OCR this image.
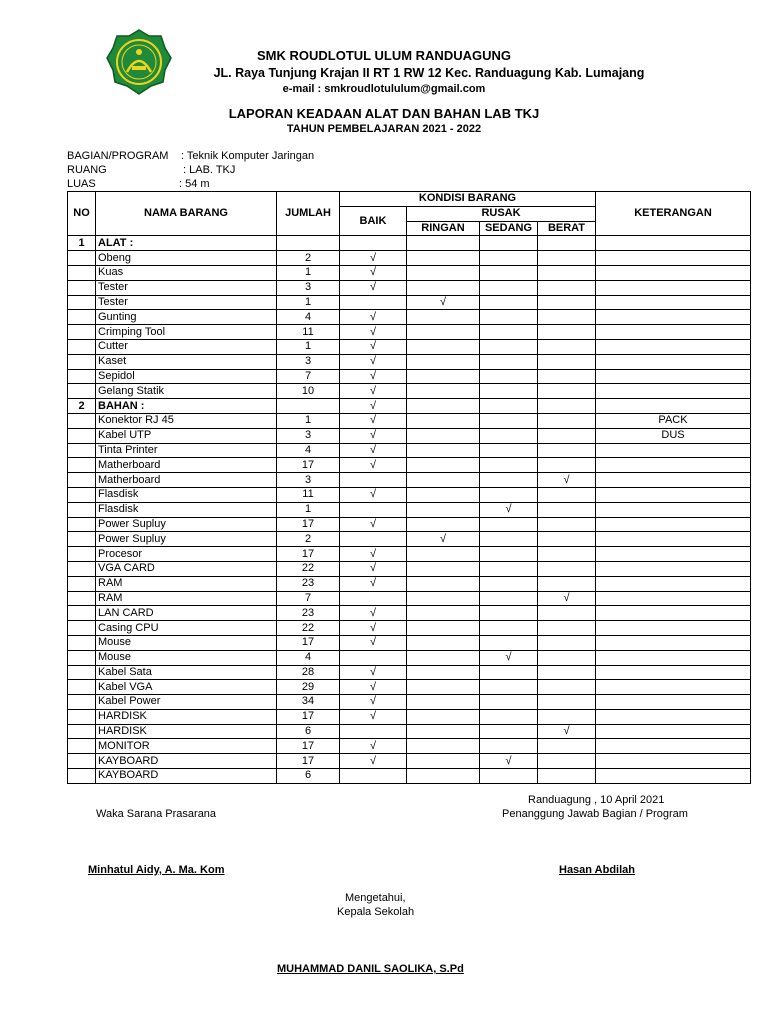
SMK ROUDLOTUL ULUM RANDUAGUNG
JL. Raya Tunjung Krajan II RT 1 RW 12 Kec. Randuagung Kab. Lumajang
e-mail : smkroudlotululum@gmail.com
LAPORAN KEADAAN ALAT DAN BAHAN LAB TKJ
TAHUN PEMBELAJARAN 2021 - 2022
BAGIAN/PROGRAM : Teknik Komputer Jaringan
RUANG	: LAB. TKJ
LUAS	: 54 m
NO	NAMA BARANG	JUMLAH	KONDISI BARANG				KETERANGAN
			BAIK	RUSAK			
				RINGAN	SEDANG	BERAT	
1	ALAT :						
	Obeng	2	√				
	Kuas	1	√				
	Tester	3	√				
	Tester	1		√			
	Gunting	4	√				
	Crimping Tool	11	√				
	Cutter	1	√				
	Kaset	3	√				
	Sepidol	7	√				
	Gelang Statik	10	√				
2	BAHAN :		√				
	Konektor RJ 45	1	√				PACK
	Kabel UTP	3	√				DUS
	Tinta Printer	4	√				
	Matherboard	17	√				
	Matherboard	3				√	
	Flasdisk	11	√				
	Flasdisk	1			√		
	Power Supluy	17	√				
	Power Supluy	2		√			
	Procesor	17	√				
	VGA CARD	22	√				
	RAM	23	√				
	RAM	7				√	
	LAN CARD	23	√				
	Casing CPU	22	√				
	Mouse	17	√				
	Mouse	4			√		
	Kabel Sata	28	√				
	Kabel VGA	29	√				
	Kabel Power	34	√				
	HARDISK	17	√				
	HARDISK	6				√	
	MONITOR	17	√				
	KAYBOARD	17	√		√		
	KAYBOARD	6					
Randuagung , 10 April 2021
Waka Sarana Prasarana	Penanggung Jawab Bagian / Program
Minhatul Aidy, A. Ma. Kom	Hasan Abdilah
Mengetahui,
Kepala Sekolah
MUHAMMAD DANIL SAOLIKA, S.Pd
